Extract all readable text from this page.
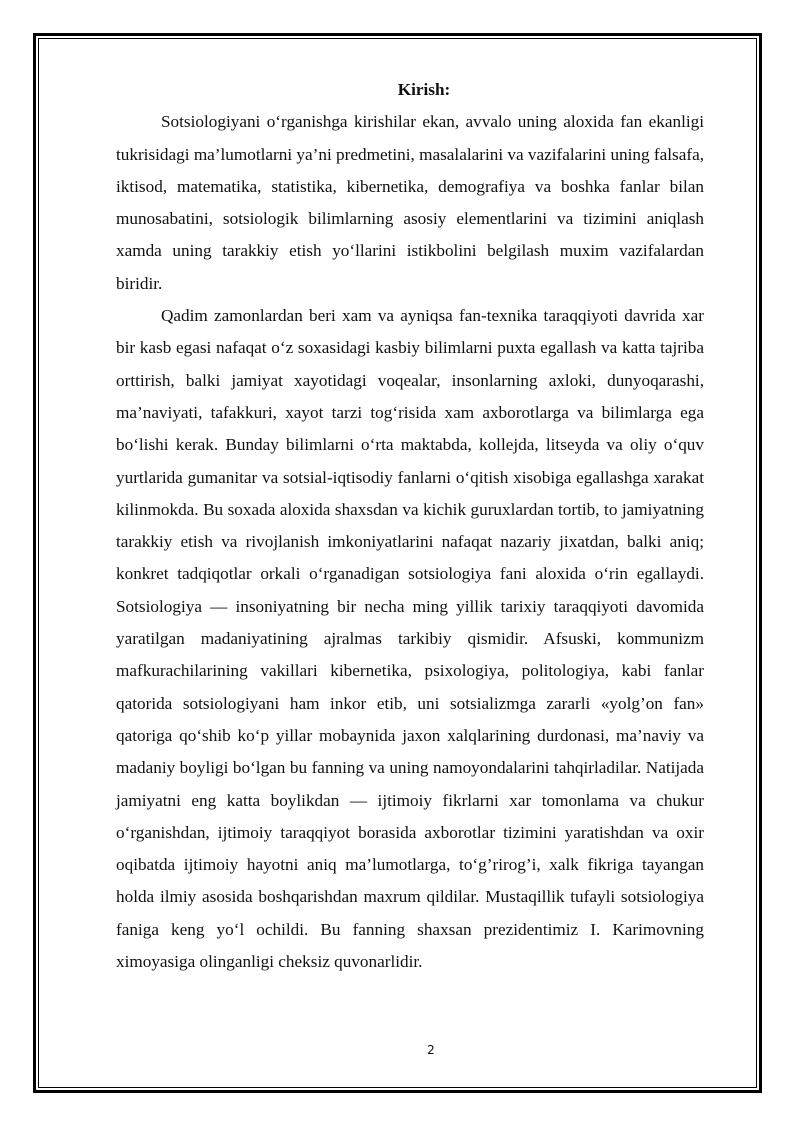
Kirish:

Sotsiologiyani o‘rganishga kirishilar ekan, avvalo uning aloxida fan ekanligi tukrisidagi ma’lumotlarni ya’ni predmetini, masalalarini va vazifalarini uning falsafa, iktisod, matematika, statistika, kibernetika, demografiya va boshka fanlar bilan munosabatini, sotsiologik bilimlarning asosiy elementlarini va tizimini aniqlash xamda uning tarakkiy etish yo‘llarini istikbolini belgilash muxim vazifalardan biridir.

Qadim zamonlardan beri xam va ayniqsa fan-texnika taraqqiyoti davrida xar bir kasb egasi nafaqat o‘z soxasidagi kasbiy bilimlarni puxta egallash va katta tajriba orttirish, balki jamiyat xayotidagi voqealar, insonlarning axloki, dunyoqarashi, ma’naviyati, tafakkuri, xayot tarzi tog‘risida xam axborotlarga va bilimlarga ega bo‘lishi kerak. Bunday bilimlarni o‘rta maktabda, kollejda, litseyda va oliy o‘quv yurtlarida gumanitar va sotsial-iqtisodiy fanlarni o‘qitish xisobiga egallashga xarakat kilinmokda. Bu soxada aloxida shaxsdan va kichik guruxlardan tortib, to jamiyatning tarakkiy etish va rivojlanish imkoniyatlarini nafaqat nazariy jixatdan, balki aniq; konkret tadqiqotlar orkali o‘rganadigan sotsiologiya fani aloxida o‘rin egallaydi. Sotsiologiya — insoniyatning bir necha ming yillik tarixiy taraqqiyoti davomida yaratilgan madaniyatining ajralmas tarkibiy qismidir. Afsuski, kommunizm mafkurachilarining vakillari kibernetika, psixologiya, politologiya, kabi fanlar qatorida sotsiologiyani ham inkor etib, uni sotsializmga zararli «yolg’on fan» qatoriga qo‘shib ko‘p yillar mobaynida jaxon xalqlarining durdonasi, ma’naviy va madaniy boyligi bo‘lgan bu fanning va uning namoyondalarini tahqirladilar. Natijada jamiyatni eng katta boylikdan — ijtimoiy fikrlarni xar tomonlama va chukur o‘rganishdan, ijtimoiy taraqqiyot borasida axborotlar tizimini yaratishdan va oxir oqibatda ijtimoiy hayotni aniq ma’lumotlarga, to‘g’rirog’i, xalk fikriga tayangan holda ilmiy asosida boshqarishdan maxrum qildilar. Mustaqillik tufayli sotsiologiya faniga keng yo‘l ochildi. Bu fanning shaxsan prezidentimiz I. Karimovning ximoyasiga olinganligi cheksiz quvonarlidir.

2
